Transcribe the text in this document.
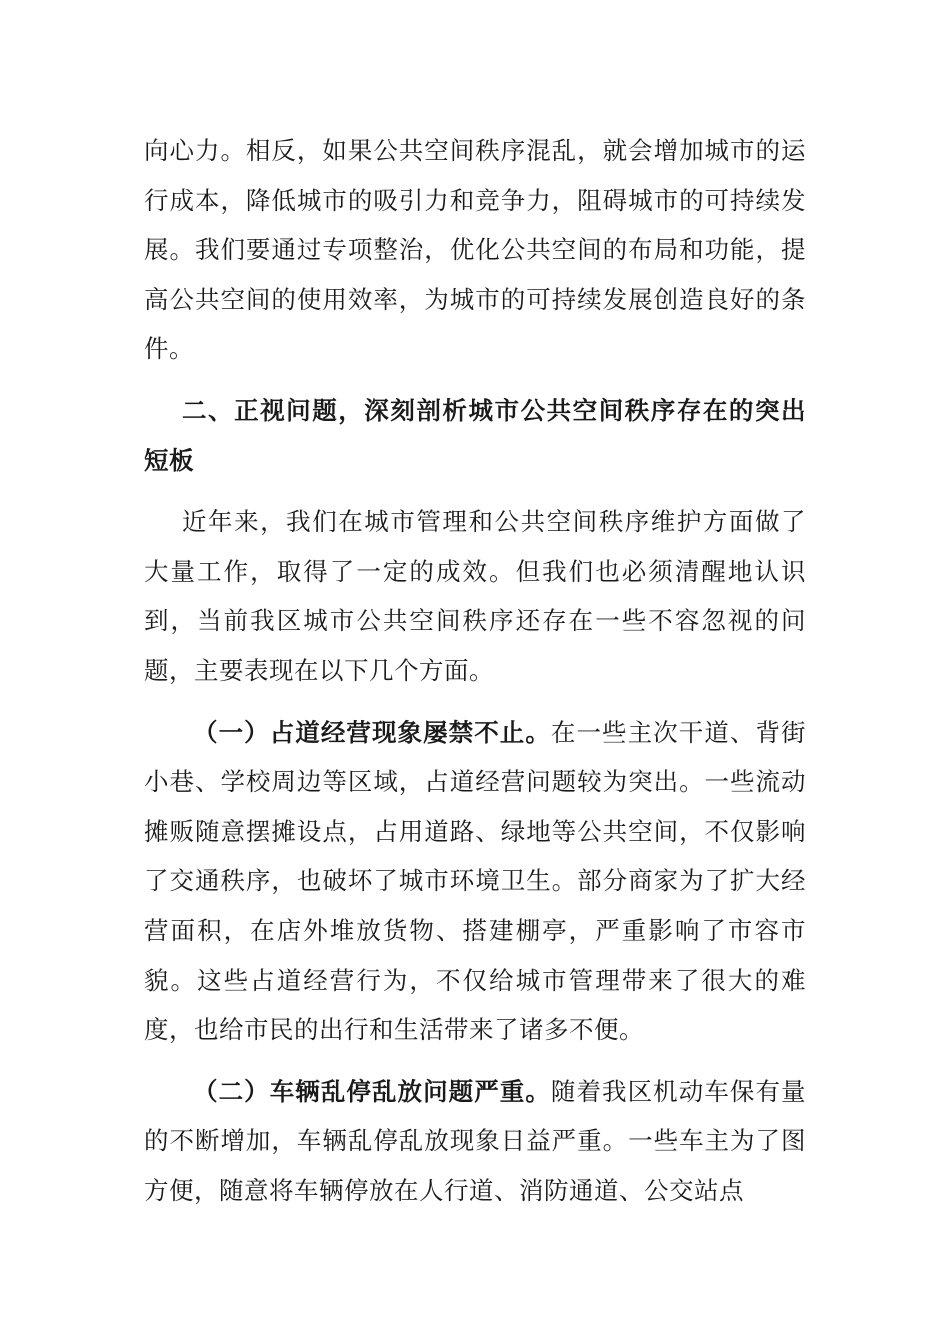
向心力。相反，如果公共空间秩序混乱，就会增加城市的运行成本，降低城市的吸引力和竞争力，阻碍城市的可持续发展。我们要通过专项整治，优化公共空间的布局和功能，提高公共空间的使用效率，为城市的可持续发展创造良好的条件。

二、正视问题，深刻剖析城市公共空间秩序存在的突出短板

近年来，我们在城市管理和公共空间秩序维护方面做了大量工作，取得了一定的成效。但我们也必须清醒地认识到，当前我区城市公共空间秩序还存在一些不容忽视的问题，主要表现在以下几个方面。

（一）占道经营现象屡禁不止。在一些主次干道、背街小巷、学校周边等区域，占道经营问题较为突出。一些流动摊贩随意摆摊设点，占用道路、绿地等公共空间，不仅影响了交通秩序，也破坏了城市环境卫生。部分商家为了扩大经营面积，在店外堆放货物、搭建棚亭，严重影响了市容市貌。这些占道经营行为，不仅给城市管理带来了很大的难度，也给市民的出行和生活带来了诸多不便。

（二）车辆乱停乱放问题严重。随着我区机动车保有量的不断增加，车辆乱停乱放现象日益严重。一些车主为了图方便，随意将车辆停放在人行道、消防通道、公交站点
